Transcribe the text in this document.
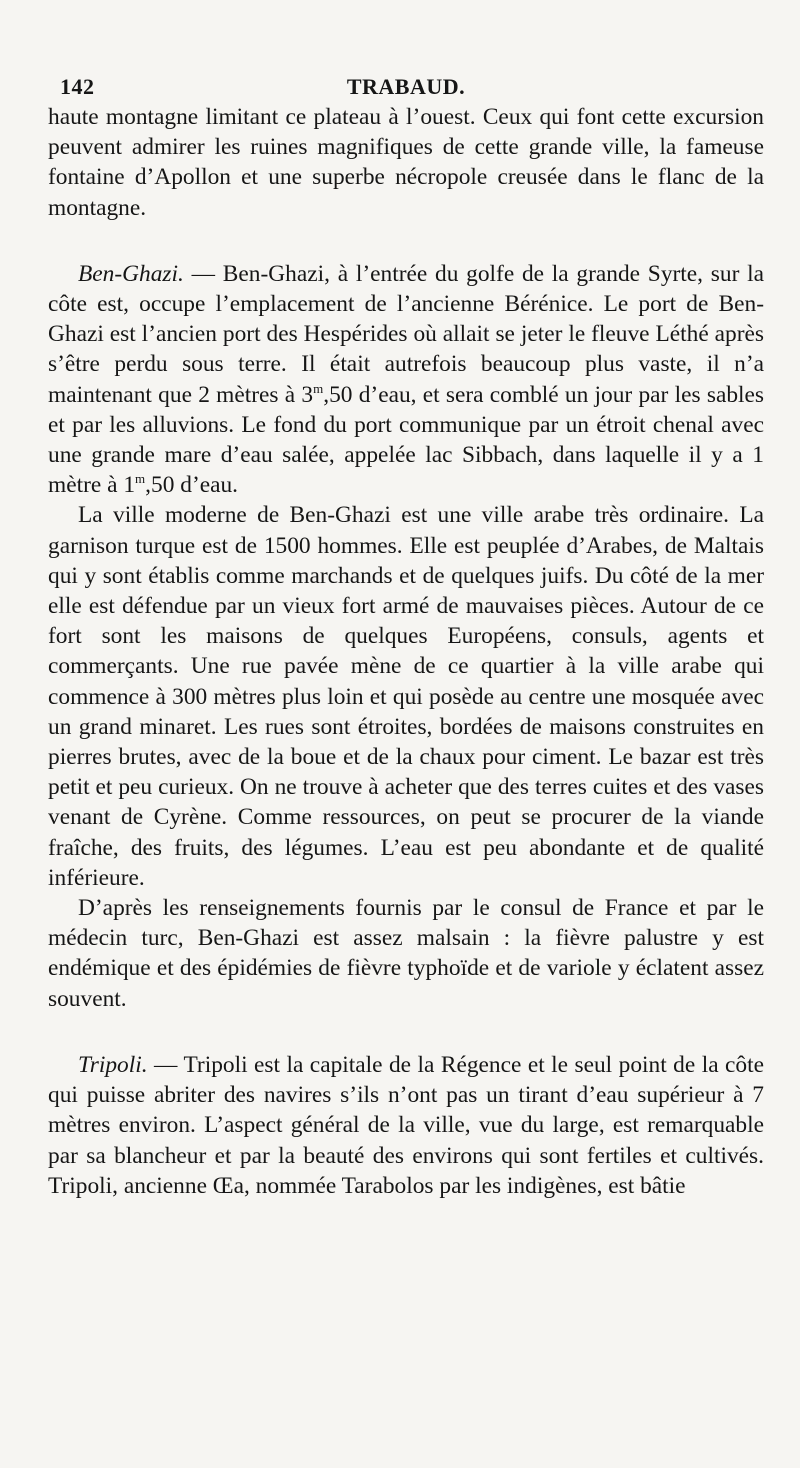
142	TRABAUD.

haute montagne limitant ce plateau à l’ouest. Ceux qui font cette excursion peuvent admirer les ruines magnifiques de cette grande ville, la fameuse fontaine d’Apollon et une superbe nécropole creusée dans le flanc de la montagne.

Ben-Ghazi. — Ben-Ghazi, à l’entrée du golfe de la grande Syrte, sur la côte est, occupe l’emplacement de l’ancienne Bérénice. Le port de Ben-Ghazi est l’ancien port des Hespérides où allait se jeter le fleuve Léthé après s’être perdu sous terre. Il était autrefois beaucoup plus vaste, il n’a maintenant que 2 mètres à 3$^m$,50 d’eau, et sera comblé un jour par les sables et par les alluvions. Le fond du port communique par un étroit chenal avec une grande mare d’eau salée, appelée lac Sibbach, dans laquelle il y a 1 mètre à 1$^m$,50 d’eau.

La ville moderne de Ben-Ghazi est une ville arabe très ordinaire. La garnison turque est de 1500 hommes. Elle est peuplée d’Arabes, de Maltais qui y sont établis comme marchands et de quelques juifs. Du côté de la mer elle est défendue par un vieux fort armé de mauvaises pièces. Autour de ce fort sont les maisons de quelques Européens, consuls, agents et commerçants. Une rue pavée mène de ce quartier à la ville arabe qui commence à 300 mètres plus loin et qui posède au centre une mosquée avec un grand minaret. Les rues sont étroites, bordées de maisons construites en pierres brutes, avec de la boue et de la chaux pour ciment. Le bazar est très petit et peu curieux. On ne trouve à acheter que des terres cuites et des vases venant de Cyrène. Comme ressources, on peut se procurer de la viande fraîche, des fruits, des légumes. L’eau est peu abondante et de qualité inférieure.

D’après les renseignements fournis par le consul de France et par le médecin turc, Ben-Ghazi est assez malsain : la fièvre palustre y est endémique et des épidémies de fièvre typhoïde et de variole y éclatent assez souvent.

Tripoli. — Tripoli est la capitale de la Régence et le seul point de la côte qui puisse abriter des navires s’ils n’ont pas un tirant d’eau supérieur à 7 mètres environ. L’aspect général de la ville, vue du large, est remarquable par sa blancheur et par la beauté des environs qui sont fertiles et cultivés. Tripoli, ancienne Œa, nommée Tarabolos par les indigènes, est bâtie
